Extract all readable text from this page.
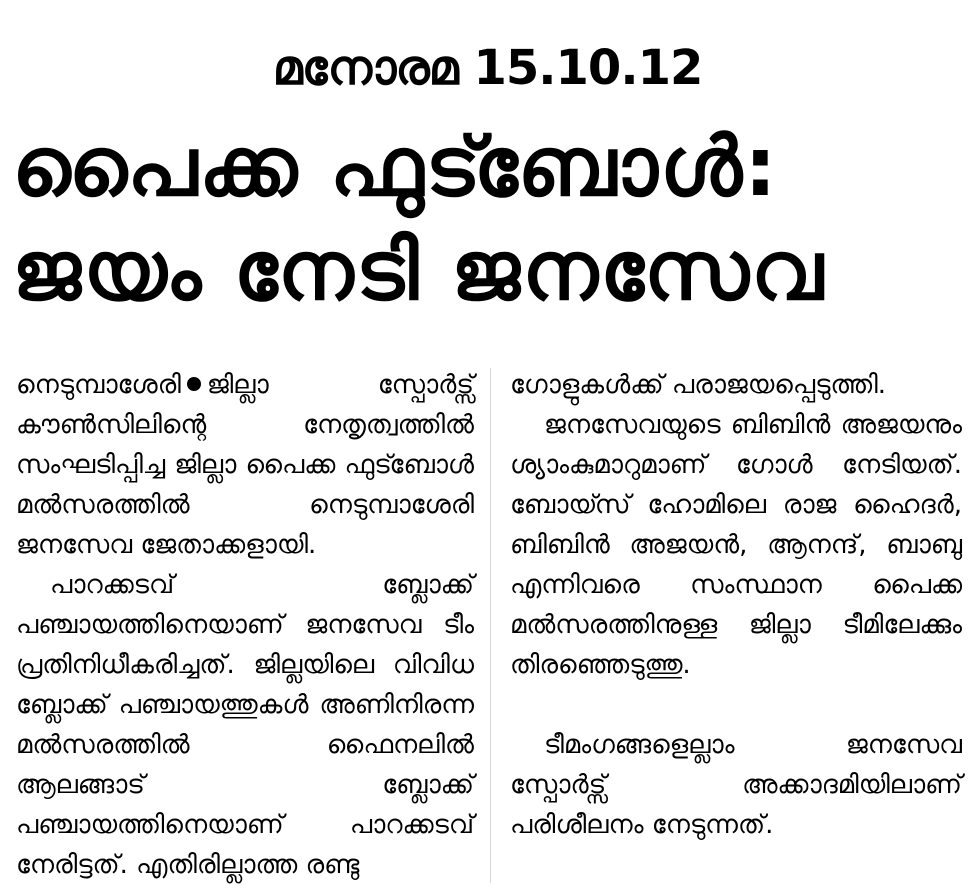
മനോരമ 15.10.12
പൈക്ക ഫുട്ബോൾ:
ജയം നേടി ജനസേവ

നെടുമ്പാശേരി ജില്ലാ സ്പോർട്സ് കൗൺസിലിന്റെ നേതൃത്വത്തിൽ സംഘടിപ്പിച്ച ജില്ലാ പൈക്ക ഫുട്ബോൾ മൽസരത്തിൽ നെടുമ്പാശേരി ജനസേവ ജേതാക്കളായി.

പാറക്കടവ് ബ്ലോക്ക് പഞ്ചായത്തിനെയാണ് ജനസേവ ടീം പ്രതിനിധീകരിച്ചത്. ജില്ലയിലെ വിവിധ ബ്ലോക്ക് പഞ്ചായത്തുകൾ അണിനിരന്ന മൽസരത്തിൽ ഫൈനലിൽ ആലങ്ങാട് ബ്ലോക്ക് പഞ്ചായത്തിനെയാണ് പാറക്കടവ് നേരിട്ടത്. എതിരില്ലാത്ത രണ്ടു

ഗോളുകൾക്ക് പരാജയപ്പെടുത്തി.

ജനസേവയുടെ ബിബിൻ അജയനും ശ്യാംകുമാറുമാണ് ഗോൾ നേടിയത്. ബോയ്സ് ഹോമിലെ രാജ ഹൈദർ, ബിബിൻ അജയൻ, ആനന്ദ്, ബാബു എന്നിവരെ സംസ്ഥാന പൈക്ക മൽസരത്തിനുള്ള ജില്ലാ ടീമിലേക്കും തിരഞ്ഞെടുത്തു.

ടീമംഗങ്ങളെല്ലാം ജനസേവ സ്പോർട്സ് അക്കാദമിയിലാണ് പരിശീലനം നേടുന്നത്.
